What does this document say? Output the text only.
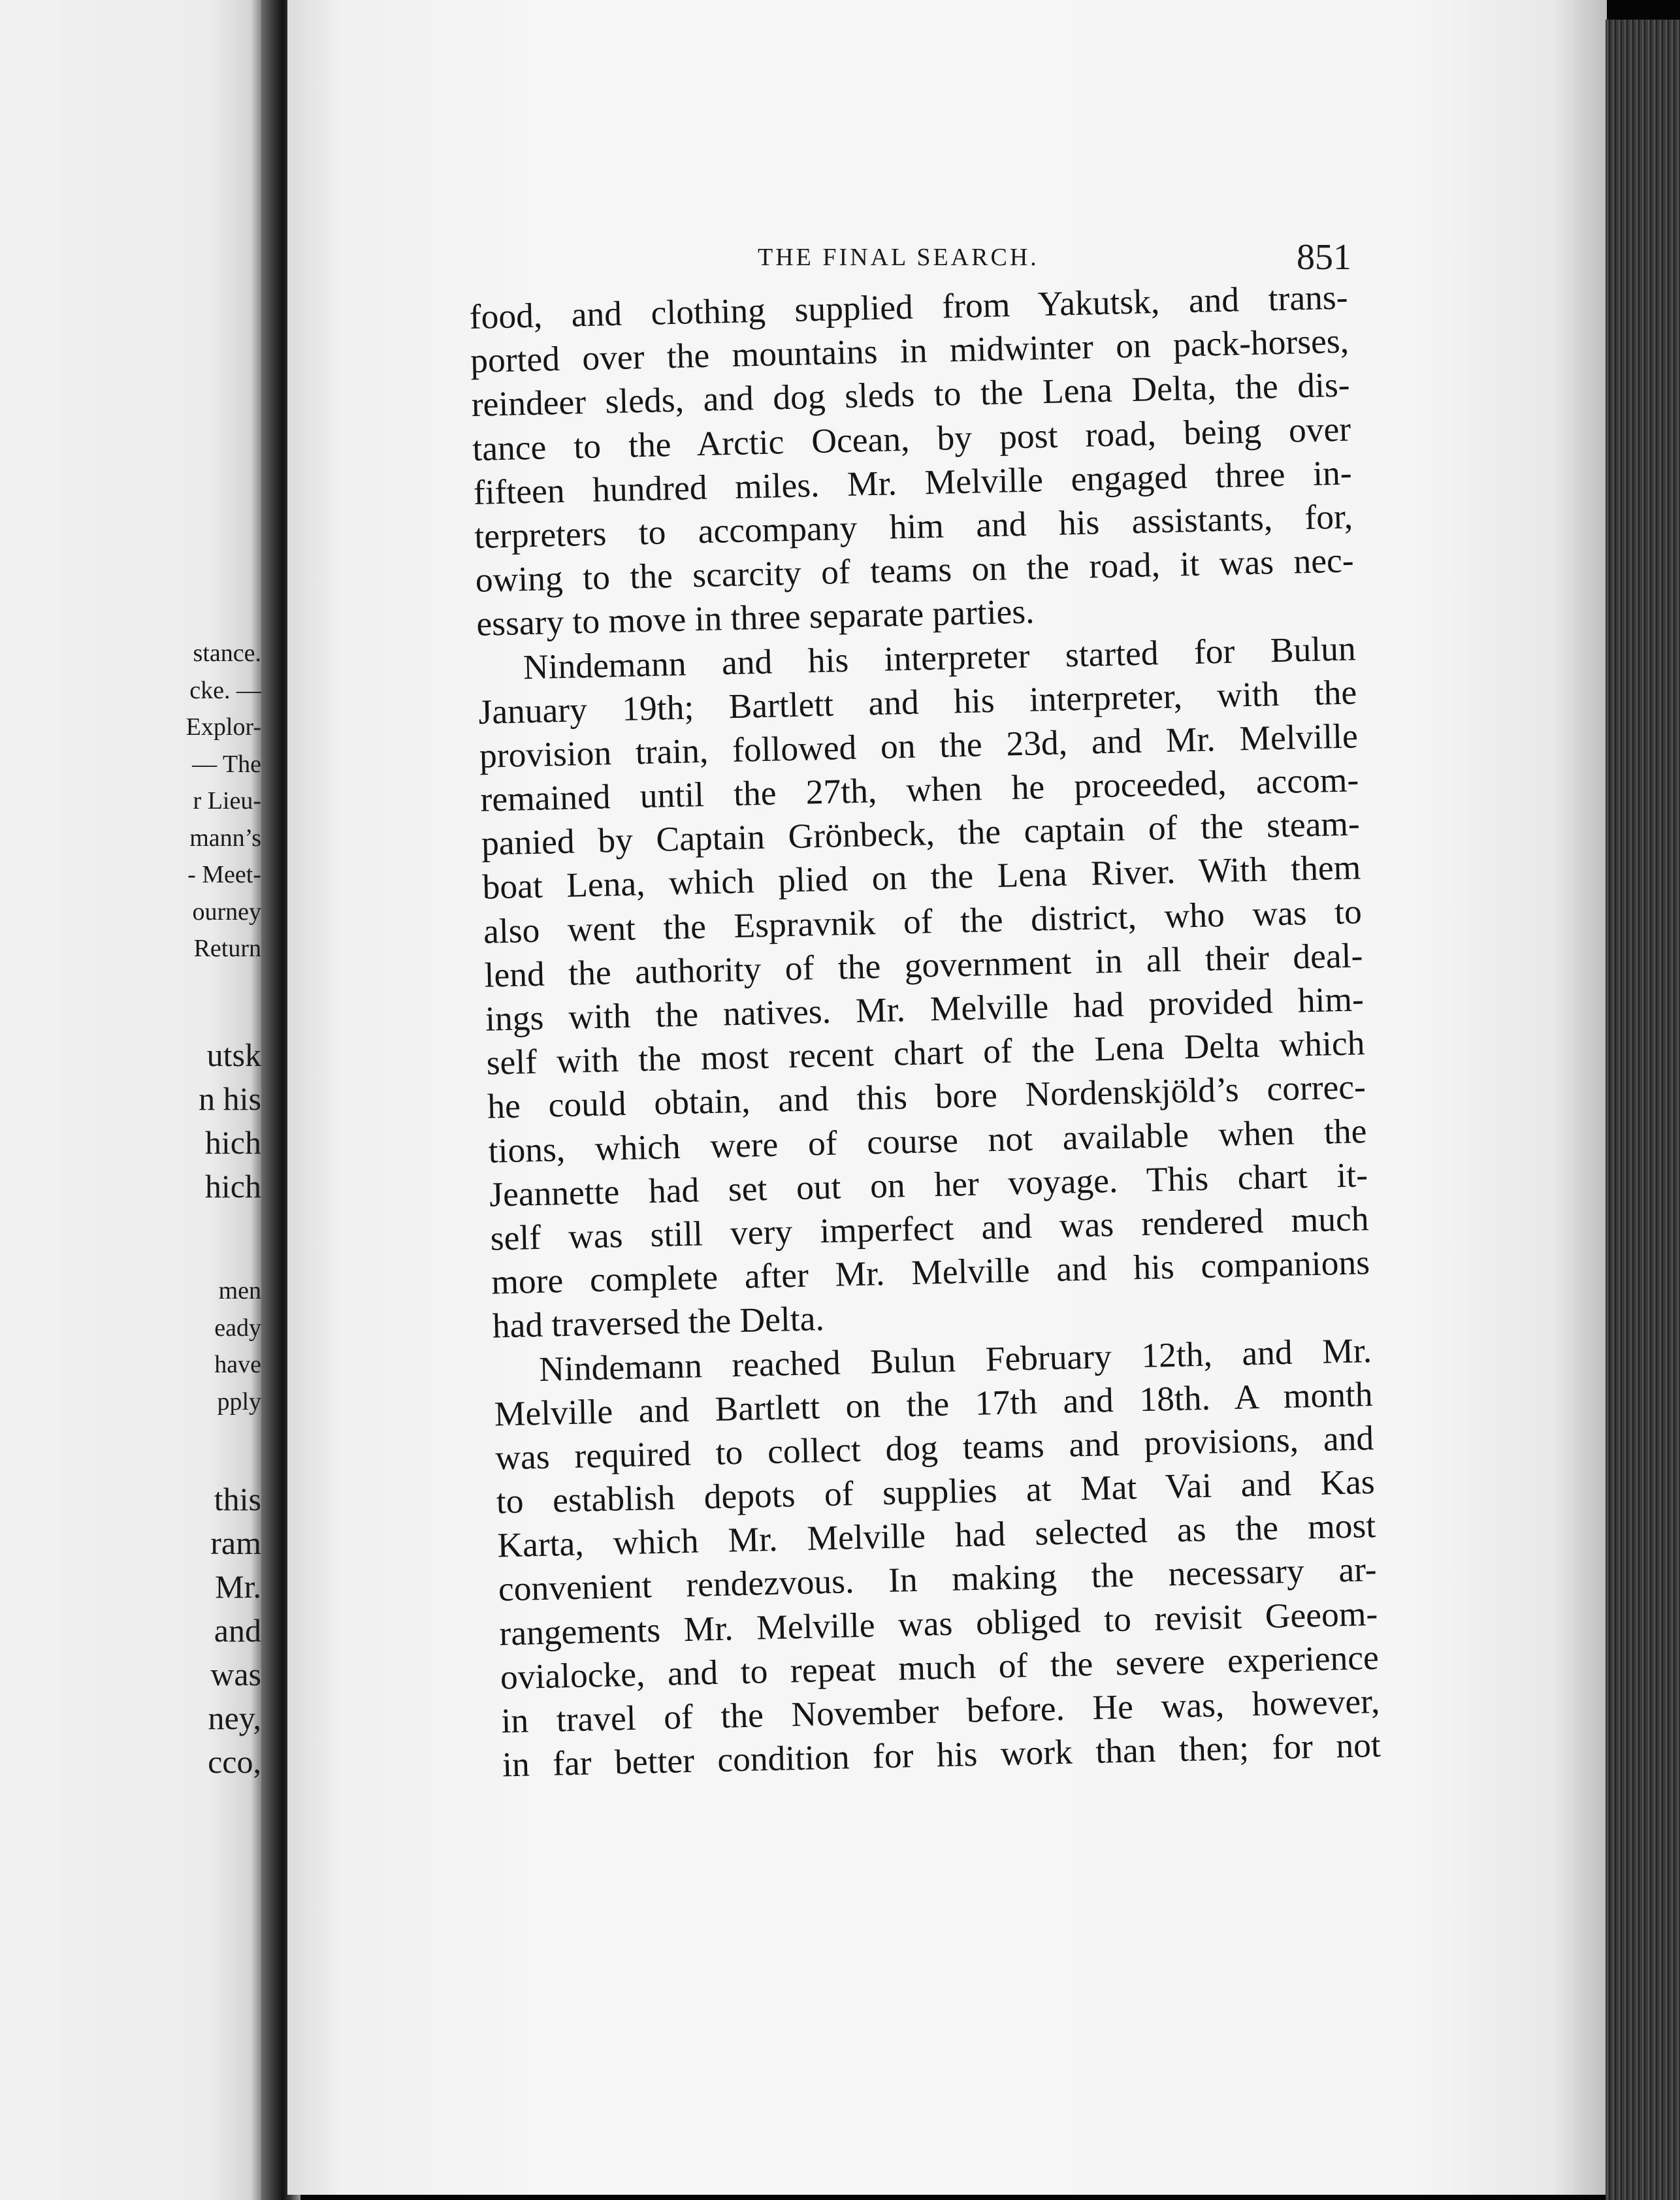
stance.
cke. —
Explor-
— The
r Lieu-
mann’s
- Meet-
ourney
Return
utsk
n his
hich
hich
men
eady
have
pply
this
ram
Mr.
and
was
ney,
cco,
THE FINAL SEARCH.	851
food, and clothing supplied from Yakutsk, and trans-
ported over the mountains in midwinter on pack-horses,
reindeer sleds, and dog sleds to the Lena Delta, the dis-
tance to the Arctic Ocean, by post road, being over
fifteen hundred miles. Mr. Melville engaged three in-
terpreters to accompany him and his assistants, for,
owing to the scarcity of teams on the road, it was nec-
essary to move in three separate parties.
Nindemann and his interpreter started for Bulun
January 19th; Bartlett and his interpreter, with the
provision train, followed on the 23d, and Mr. Melville
remained until the 27th, when he proceeded, accom-
panied by Captain Grönbeck, the captain of the steam-
boat Lena, which plied on the Lena River. With them
also went the Espravnik of the district, who was to
lend the authority of the government in all their deal-
ings with the natives. Mr. Melville had provided him-
self with the most recent chart of the Lena Delta which
he could obtain, and this bore Nordenskjöld’s correc-
tions, which were of course not available when the
Jeannette had set out on her voyage. This chart it-
self was still very imperfect and was rendered much
more complete after Mr. Melville and his companions
had traversed the Delta.
Nindemann reached Bulun February 12th, and Mr.
Melville and Bartlett on the 17th and 18th. A month
was required to collect dog teams and provisions, and
to establish depots of supplies at Mat Vai and Kas
Karta, which Mr. Melville had selected as the most
convenient rendezvous. In making the necessary ar-
rangements Mr. Melville was obliged to revisit Geeom-
ovialocke, and to repeat much of the severe experience
in travel of the November before. He was, however,
in far better condition for his work than then; for not
